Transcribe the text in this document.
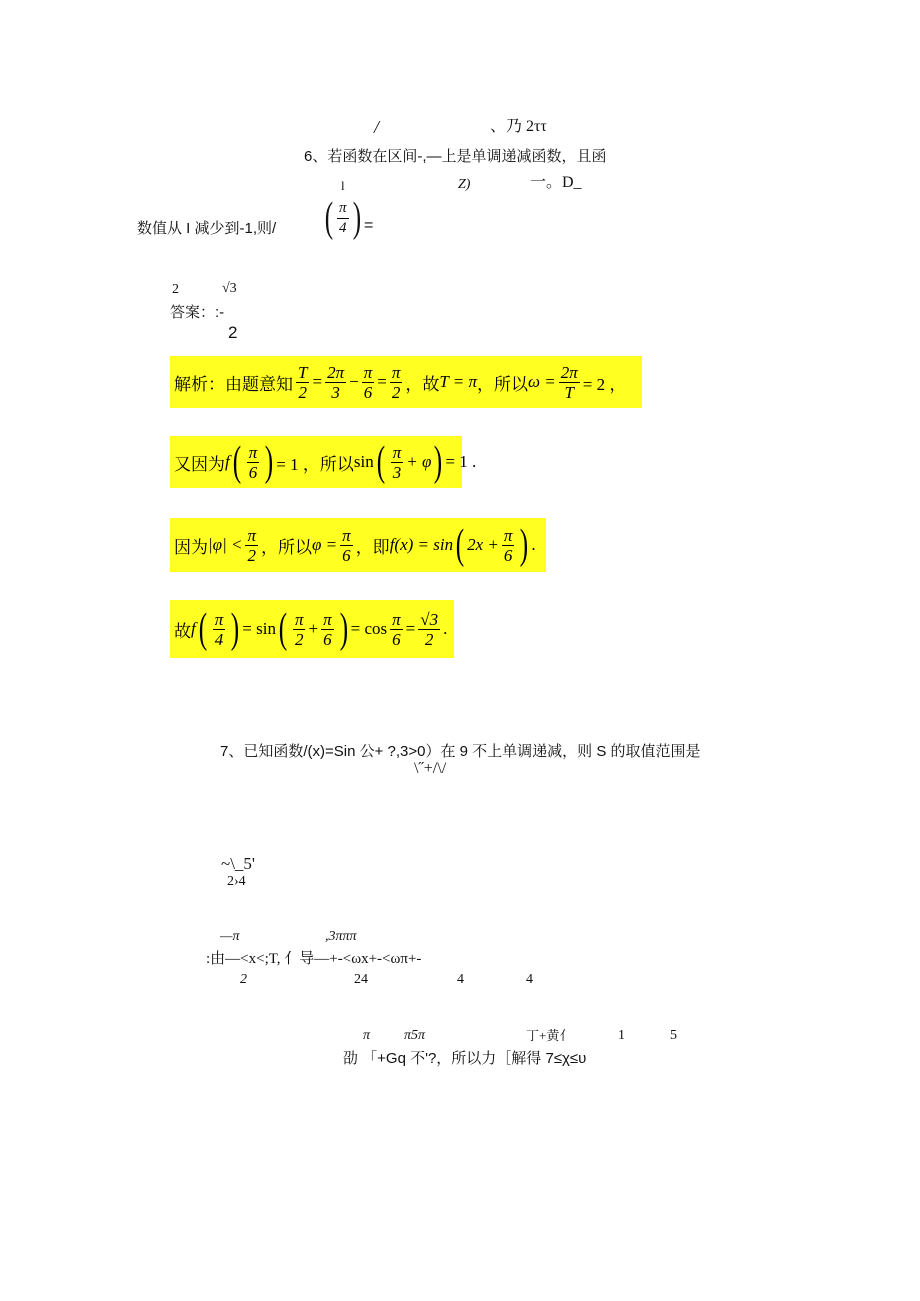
/	、乃 2ττ
6、若函数在区间-,—上是单调递减函数，且函
l	Z)	一。D_
数值从 I 减少到-1,则/ ( $\frac{\pi}{4}$ ) =
2	√3
答案：:-
2
解析：由题意知 $\frac{T}{2} = \frac{2\pi}{3} - \frac{\pi}{6} = \frac{\pi}{2}$ ，故 T = π ，所以 $\omega = \frac{2\pi}{T} = 2$ ，
又因为 f ( $\frac{\pi}{6}$ ) = 1 ，所以 sin ( $\frac{\pi}{3} + \varphi$ ) = 1 .
因为 $|\varphi| < \frac{\pi}{2}$ ，所以 $\varphi = \frac{\pi}{6}$ ，即 f(x) = sin ( $2x + \frac{\pi}{6}$ ) .
故 f ( $\frac{\pi}{4}$ ) = sin ( $\frac{\pi}{2} + \frac{\pi}{6}$ ) = $\cos \frac{\pi}{6} = \frac{√3}{2}$ .
7、已知函数/(x)=Sin 公+ ?,3>0）在 9 不上单调递减，则 S 的取值范围是
\˝+/\/
~\_5'
2›4
—π	,3πππ
:由—<x<;T, ⺅导—+-<ωx+-<ωπ+-
2	24	4	4
π π5π	丁+黄⺅	1	5
劭 「+Gq 不'?，所以力［解得 7≤χ≤υ
